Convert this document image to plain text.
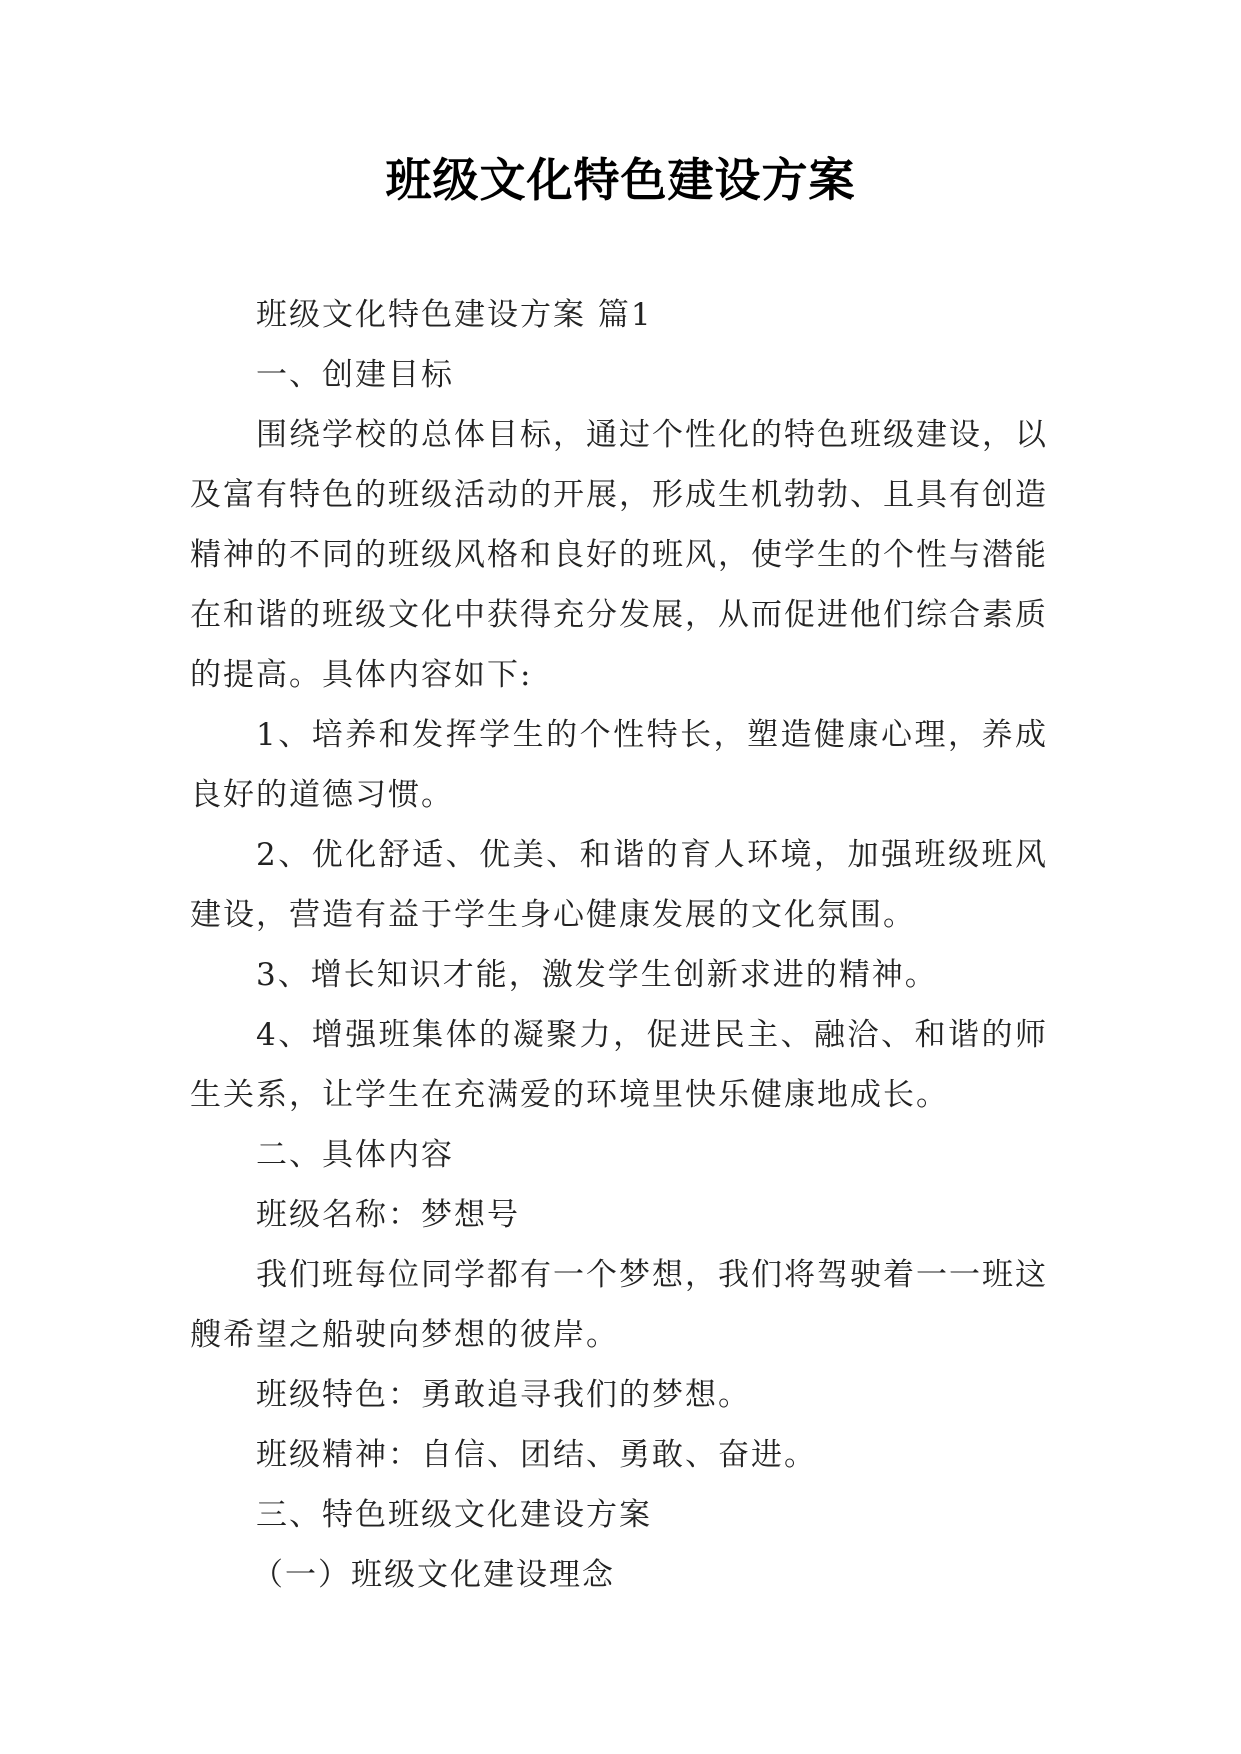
班级文化特色建设方案

班级文化特色建设方案 篇1

一、创建目标

围绕学校的总体目标，通过个性化的特色班级建设，以及富有特色的班级活动的开展，形成生机勃勃、且具有创造精神的不同的班级风格和良好的班风，使学生的个性与潜能在和谐的班级文化中获得充分发展，从而促进他们综合素质的提高。具体内容如下:

1、培养和发挥学生的个性特长，塑造健康心理，养成良好的道德习惯。

2、优化舒适、优美、和谐的育人环境，加强班级班风建设，营造有益于学生身心健康发展的文化氛围。

3、增长知识才能，激发学生创新求进的精神。

4、增强班集体的凝聚力，促进民主、融洽、和谐的师生关系，让学生在充满爱的环境里快乐健康地成长。

二、具体内容

班级名称：梦想号

我们班每位同学都有一个梦想，我们将驾驶着一一班这艘希望之船驶向梦想的彼岸。

班级特色：勇敢追寻我们的梦想。

班级精神：自信、团结、勇敢、奋进。

三、特色班级文化建设方案

（一）班级文化建设理念
